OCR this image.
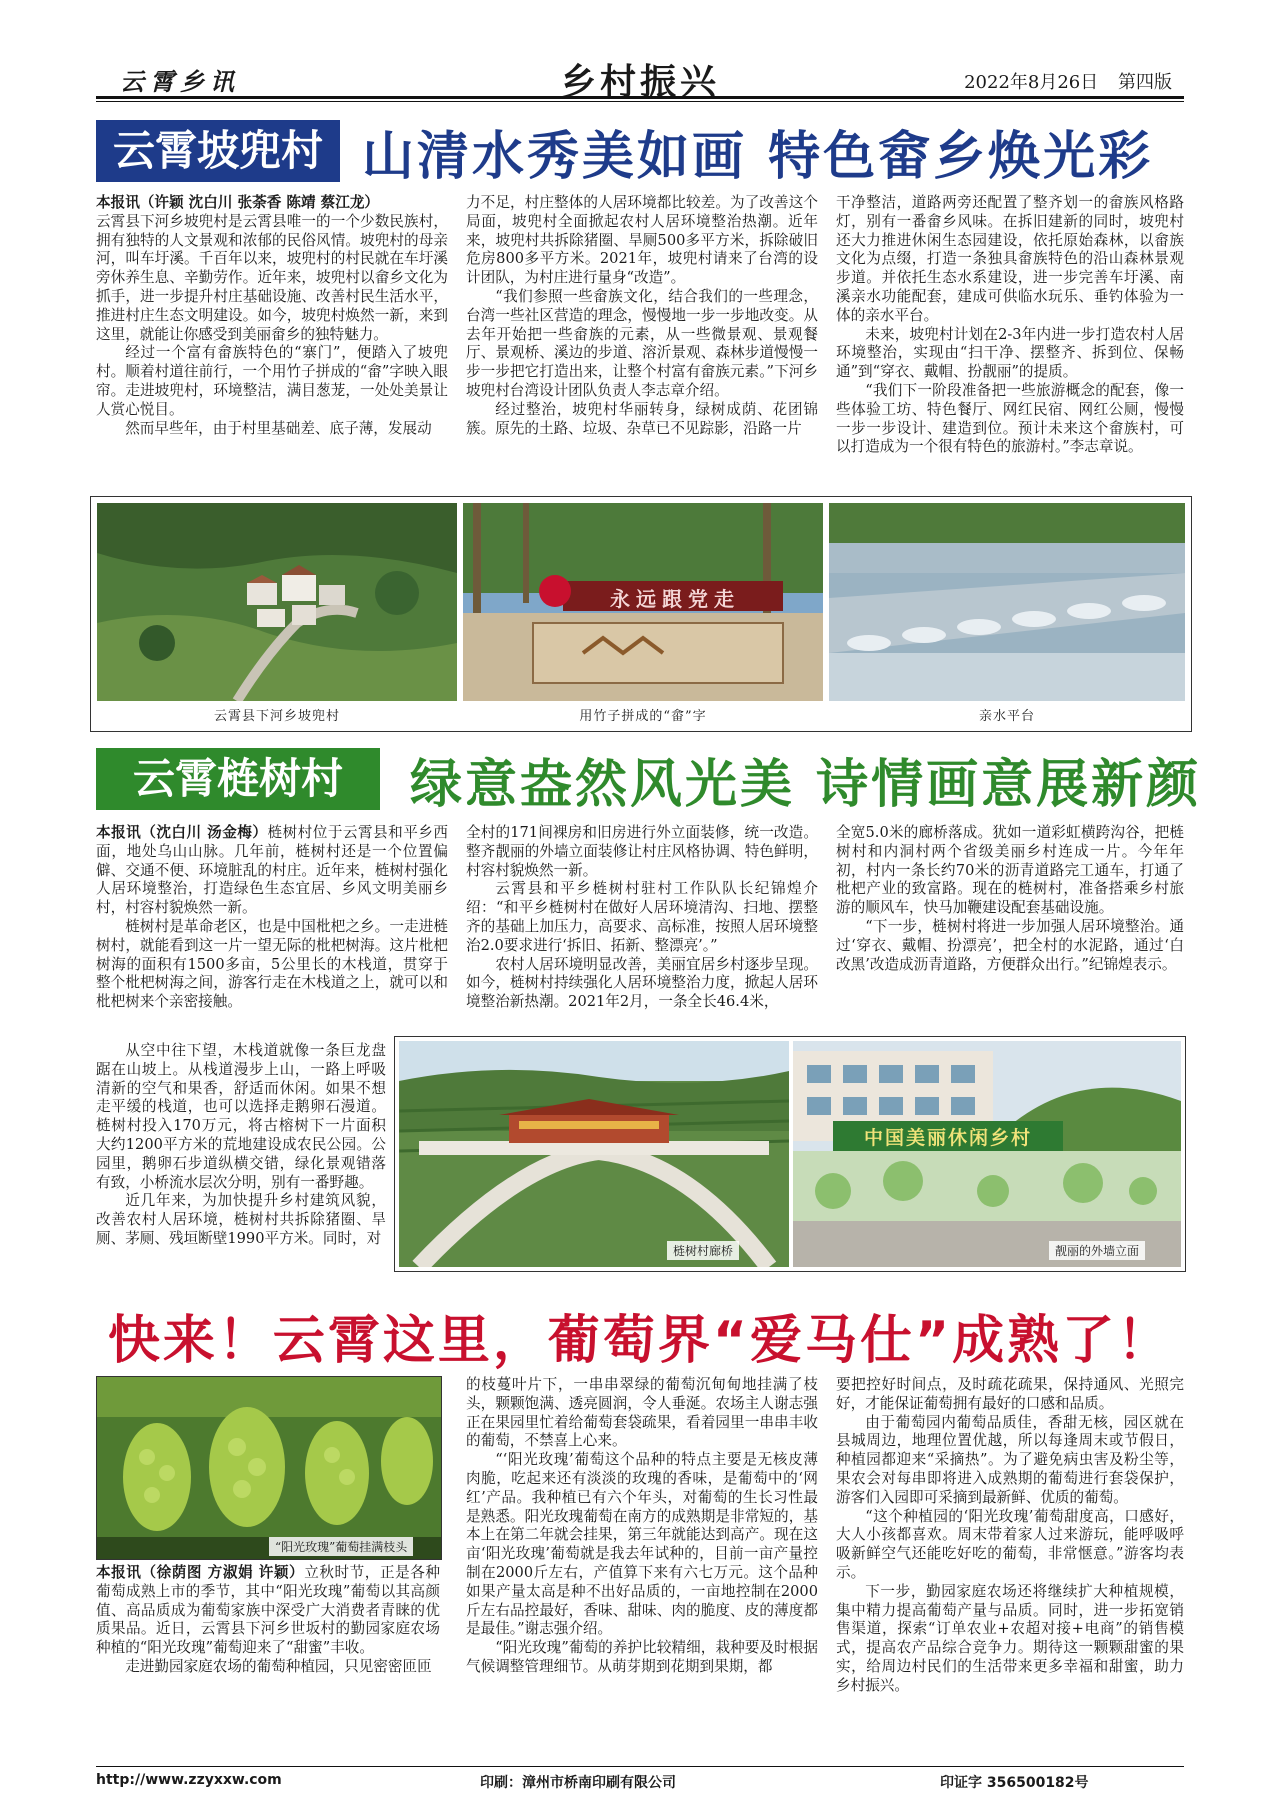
云霄乡讯	乡村振兴	2022年8月26日 第四版
云霄坡兜村 山清水秀美如画 特色畲乡焕光彩

本报讯（许颖 沈白川 张荼香 陈靖 蔡江龙）

云霄县下河乡坡兜村是云霄县唯一的一个少数民族村，拥有独特的人文景观和浓郁的民俗风情。坡兜村的母亲河，叫车圩溪。千百年以来，坡兜村的村民就在车圩溪旁休养生息、辛勤劳作。近年来，坡兜村以畲乡文化为抓手，进一步提升村庄基础设施、改善村民生活水平，推进村庄生态文明建设。如今，坡兜村焕然一新，来到这里，就能让你感受到美丽畲乡的独特魅力。

经过一个富有畲族特色的“寨门”，便踏入了坡兜村。顺着村道往前行，一个用竹子拼成的“畲”字映入眼帘。走进坡兜村，环境整洁，满目葱茏，一处处美景让人赏心悦目。

然而早些年，由于村里基础差、底子薄，发展动

力不足，村庄整体的人居环境都比较差。为了改善这个局面，坡兜村全面掀起农村人居环境整治热潮。近年来，坡兜村共拆除猪圈、旱厕500多平方米，拆除破旧危房800多平方米。2021年，坡兜村请来了台湾的设计团队，为村庄进行量身“改造”。

“我们参照一些畲族文化，结合我们的一些理念，台湾一些社区营造的理念，慢慢地一步一步地改变。从去年开始把一些畲族的元素，从一些微景观、景观餐厅、景观桥、溪边的步道、溶沂景观、森林步道慢慢一步一步把它打造出来，让整个村富有畲族元素。”下河乡坡兜村台湾设计团队负责人李志章介绍。

经过整治，坡兜村华丽转身，绿树成荫、花团锦簇。原先的土路、垃圾、杂草已不见踪影，沿路一片

干净整洁，道路两旁还配置了整齐划一的畲族风格路灯，别有一番畲乡风味。在拆旧建新的同时，坡兜村还大力推进休闲生态园建设，依托原始森林，以畲族文化为点缀，打造一条独具畲族特色的沿山森林景观步道。并依托生态水系建设，进一步完善车圩溪、南溪亲水功能配套，建成可供临水玩乐、垂钓体验为一体的亲水平台。

未来，坡兜村计划在2-3年内进一步打造农村人居环境整治，实现由“扫干净、摆整齐、拆到位、保畅通”到“穿衣、戴帽、扮靓丽”的提质。

“我们下一阶段准备把一些旅游概念的配套，像一些体验工坊、特色餐厅、网红民宿、网红公厕，慢慢一步一步设计、建造到位。预计未来这个畲族村，可以打造成为一个很有特色的旅游村。”李志章说。

云霄县下河乡坡兜村
永远跟党走
用竹子拼成的“畲”字	亲水平台
云霄梿树村	绿意盎然风光美 诗情画意展新颜

本报讯（沈白川 汤金梅）梿树村位于云霄县和平乡西面，地处乌山山脉。几年前，梿树村还是一个位置偏僻、交通不便、环境脏乱的村庄。近年来，梿树村强化人居环境整治，打造绿色生态宜居、乡风文明美丽乡村，村容村貌焕然一新。

梿树村是革命老区，也是中国枇杷之乡。一走进梿树村，就能看到这一片一望无际的枇杷树海。这片枇杷树海的面积有1500多亩，5公里长的木栈道，贯穿于整个枇杷树海之间，游客行走在木栈道之上，就可以和枇杷树来个亲密接触。

从空中往下望，木栈道就像一条巨龙盘踞在山坡上。从栈道漫步上山，一路上呼吸清新的空气和果香，舒适而休闲。如果不想走平缓的栈道，也可以选择走鹅卵石漫道。梿树村投入170万元，将古榕树下一片面积大约1200平方米的荒地建设成农民公园。公园里，鹅卵石步道纵横交错，绿化景观错落有致，小桥流水层次分明，别有一番野趣。

近几年来，为加快提升乡村建筑风貌，改善农村人居环境，梿树村共拆除猪圈、旱厕、茅厕、残垣断壁1990平方米。同时，对

全村的171间裸房和旧房进行外立面装修，统一改造。整齐靓丽的外墙立面装修让村庄风格协调、特色鲜明，村容村貌焕然一新。

云霄县和平乡梿树村驻村工作队队长纪锦煌介绍：“和平乡梿树村在做好人居环境清沟、扫地、摆整齐的基础上加压力，高要求、高标准，按照人居环境整治2.0要求进行‘拆旧、拓新、整漂亮’。”

农村人居环境明显改善，美丽宜居乡村逐步呈现。如今，梿树村持续强化人居环境整治力度，掀起人居环境整治新热潮。2021年2月，一条全长46.4米，

全宽5.0米的廊桥落成。犹如一道彩虹横跨沟谷，把梿树村和内洞村两个省级美丽乡村连成一片。今年年初，村内一条长约70米的沥青道路完工通车，打通了枇杷产业的致富路。现在的梿树村，准备搭乘乡村旅游的顺风车，快马加鞭建设配套基础设施。

“下一步，梿树村将进一步加强人居环境整治。通过‘穿衣、戴帽、扮漂亮’，把全村的水泥路，通过‘白改黑’改造成沥青道路，方便群众出行。”纪锦煌表示。

梿树村廊桥
中国美丽休闲乡村
靓丽的外墙立面
快来！云霄这里，葡萄界“爱马仕”成熟了！
“阳光玫瑰”葡萄挂满枝头

本报讯（徐荫图 方淑娟 许颖）立秋时节，正是各种葡萄成熟上市的季节，其中“阳光玫瑰”葡萄以其高颜值、高品质成为葡萄家族中深受广大消费者青睐的优质果品。近日，云霄县下河乡世坂村的勤园家庭农场种植的“阳光玫瑰”葡萄迎来了“甜蜜”丰收。

走进勤园家庭农场的葡萄种植园，只见密密匝匝

的枝蔓叶片下，一串串翠绿的葡萄沉甸甸地挂满了枝头，颗颗饱满、透亮圆润，令人垂涎。农场主人谢志强正在果园里忙着给葡萄套袋疏果，看着园里一串串丰收的葡萄，不禁喜上心来。

“‘阳光玫瑰’葡萄这个品种的特点主要是无核皮薄肉脆，吃起来还有淡淡的玫瑰的香味，是葡萄中的‘网红’产品。我种植已有六个年头，对葡萄的生长习性最是熟悉。阳光玫瑰葡萄在南方的成熟期是非常短的，基本上在第二年就会挂果，第三年就能达到高产。现在这亩‘阳光玫瑰’葡萄就是我去年试种的，目前一亩产量控制在2000斤左右，产值算下来有六七万元。这个品种如果产量太高是种不出好品质的，一亩地控制在2000斤左右品控最好，香味、甜味、肉的脆度、皮的薄度都是最佳。”谢志强介绍。

“阳光玫瑰”葡萄的养护比较精细，栽种要及时根据气候调整管理细节。从萌芽期到花期到果期，都

要把控好时间点，及时疏花疏果，保持通风、光照完好，才能保证葡萄拥有最好的口感和品质。

由于葡萄园内葡萄品质佳，香甜无核，园区就在县城周边，地理位置优越，所以每逢周末或节假日，种植园都迎来“采摘热”。为了避免病虫害及粉尘等，果农会对每串即将进入成熟期的葡萄进行套袋保护，游客们入园即可采摘到最新鲜、优质的葡萄。

“这个种植园的‘阳光玫瑰’葡萄甜度高，口感好，大人小孩都喜欢。周末带着家人过来游玩，能呼吸呼吸新鲜空气还能吃好吃的葡萄，非常惬意。”游客均表示。

下一步，勤园家庭农场还将继续扩大种植规模，集中精力提高葡萄产量与品质。同时，进一步拓宽销售渠道，探索“订单农业+农超对接+电商”的销售模式，提高农产品综合竞争力。期待这一颗颗甜蜜的果实，给周边村民们的生活带来更多幸福和甜蜜，助力乡村振兴。

http://www.zzyxxw.com	印刷：漳州市桥南印刷有限公司	印证字 356500182号
